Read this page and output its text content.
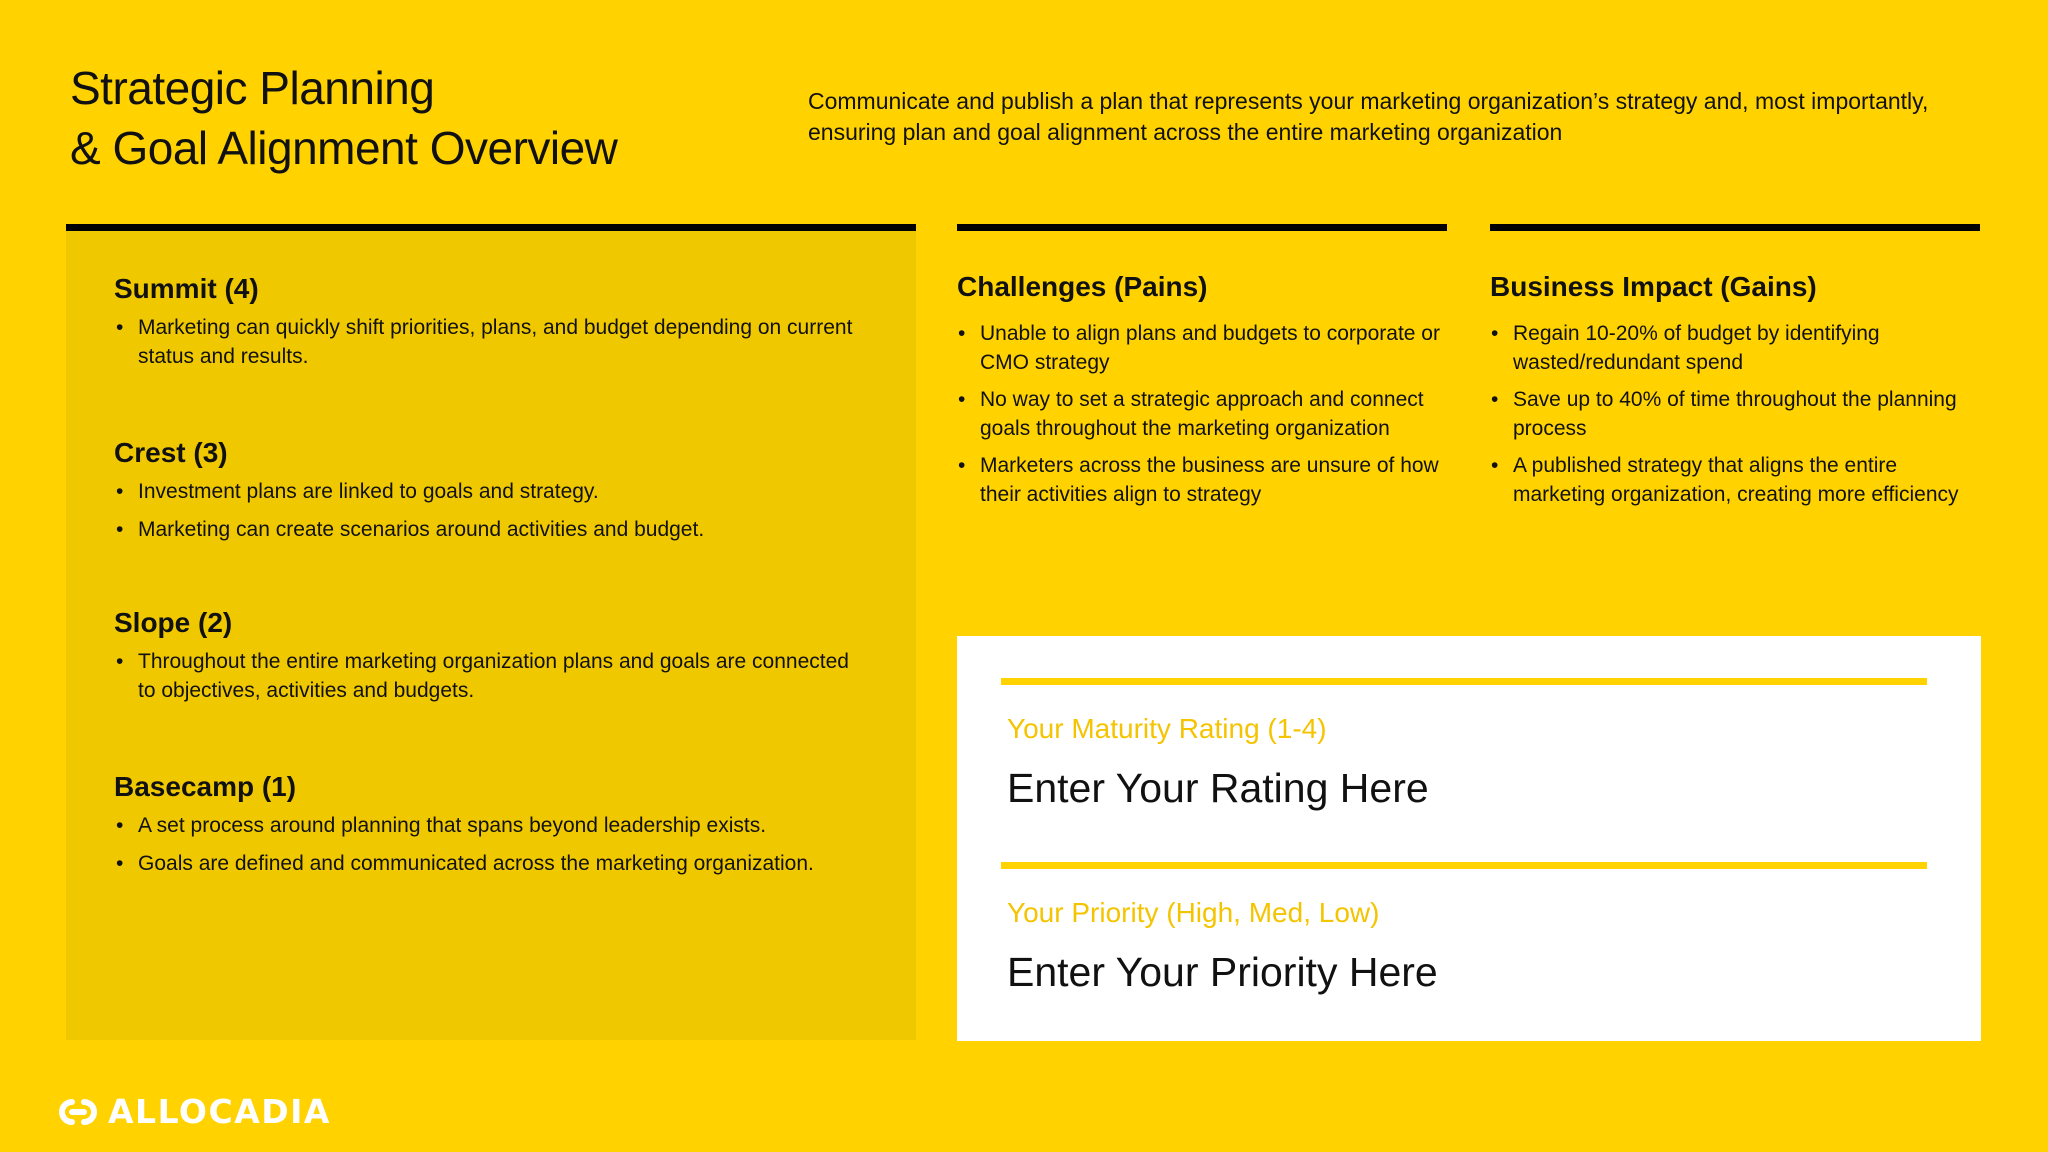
Strategic Planning
& Goal Alignment Overview
Communicate and publish a plan that represents your marketing organization’s strategy and, most importantly,
ensuring plan and goal alignment across the entire marketing organization
Summit (4)
• Marketing can quickly shift priorities, plans, and budget depending on current status and results.
Crest (3)
• Investment plans are linked to goals and strategy.
• Marketing can create scenarios around activities and budget.
Slope (2)
• Throughout the entire marketing organization plans and goals are connected to objectives, activities and budgets.
Basecamp (1)
• A set process around planning that spans beyond leadership exists.
• Goals are defined and communicated across the marketing organization.
Challenges (Pains)
• Unable to align plans and budgets to corporate or CMO strategy
• No way to set a strategic approach and connect goals throughout the marketing organization
• Marketers across the business are unsure of how their activities align to strategy
Business Impact (Gains)
• Regain 10-20% of budget by identifying wasted/redundant spend
• Save up to 40% of time throughout the planning process
• A published strategy that aligns the entire marketing organization, creating more efficiency
Your Maturity Rating (1-4)
Enter Your Rating Here
Your Priority (High, Med, Low)
Enter Your Priority Here
ALLOCADIA
